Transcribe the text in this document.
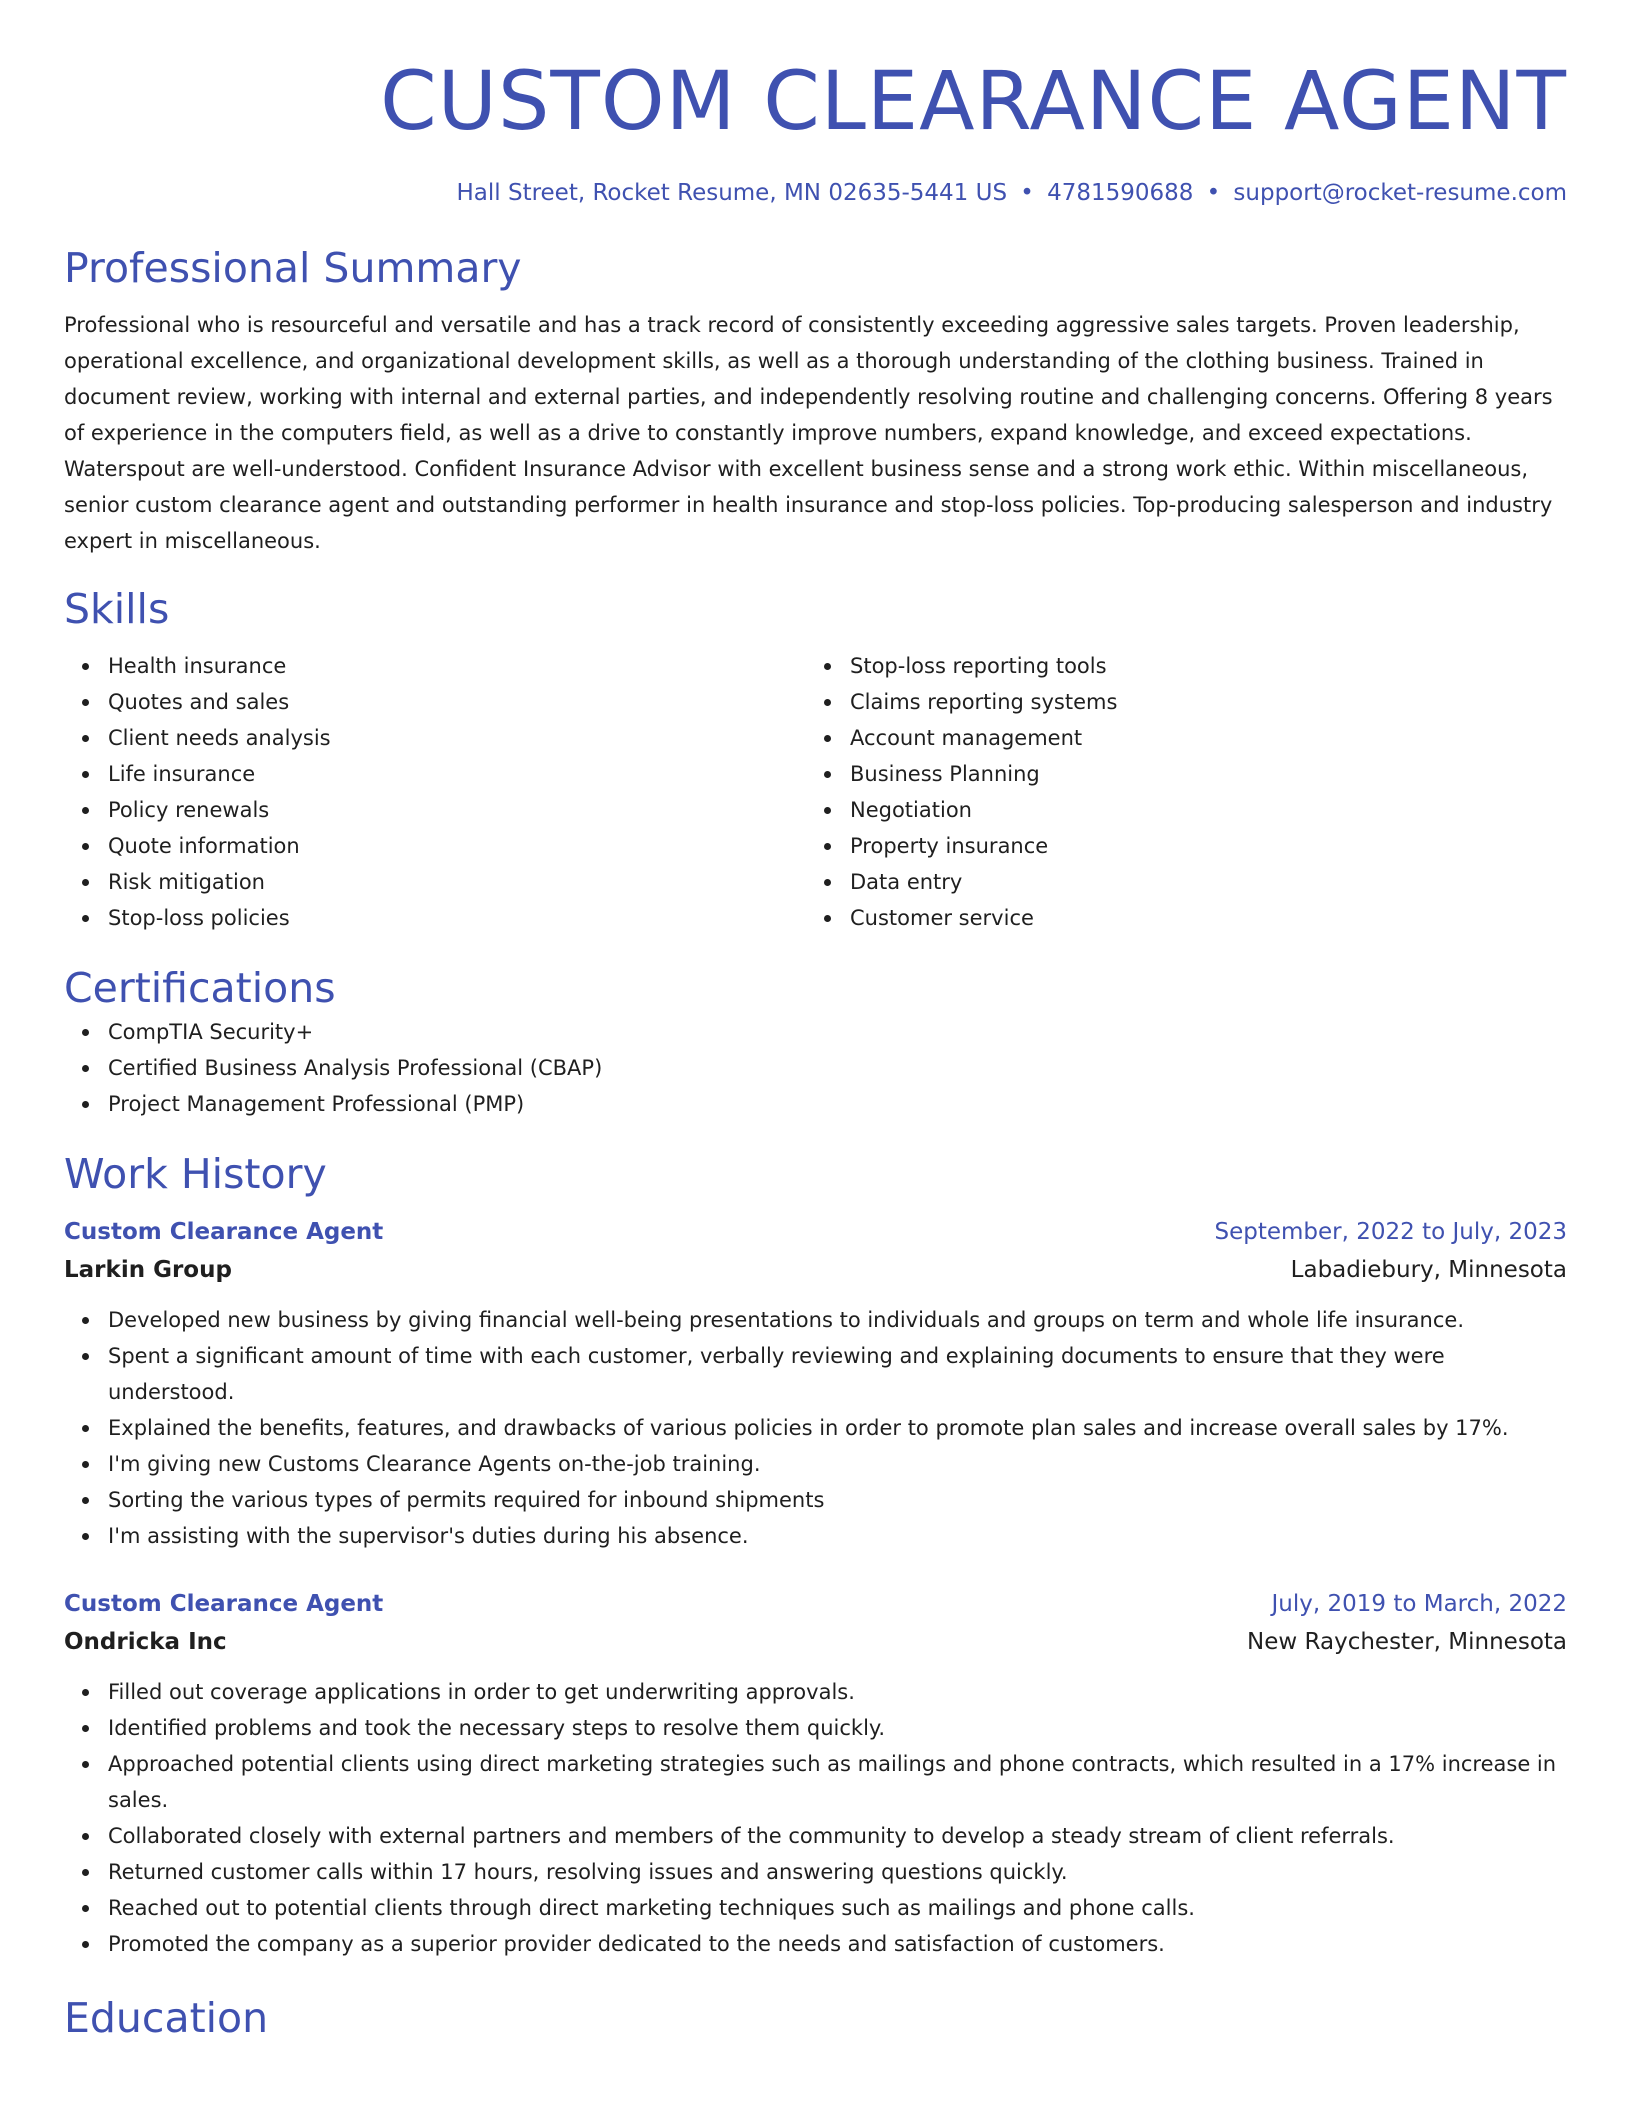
CUSTOM CLEARANCE AGENT
Hall Street, Rocket Resume, MN 02635-5441 US • 4781590688 • support@rocket-resume.com
Professional Summary
Professional who is resourceful and versatile and has a track record of consistently exceeding aggressive sales targets. Proven leadership, operational excellence, and organizational development skills, as well as a thorough understanding of the clothing business. Trained in document review, working with internal and external parties, and independently resolving routine and challenging concerns. Offering 8 years of experience in the computers field, as well as a drive to constantly improve numbers, expand knowledge, and exceed expectations. Waterspout are well-understood. Confident Insurance Advisor with excellent business sense and a strong work ethic. Within miscellaneous, senior custom clearance agent and outstanding performer in health insurance and stop-loss policies. Top-producing salesperson and industry expert in miscellaneous.
Skills
Health insurance
Quotes and sales
Client needs analysis
Life insurance
Policy renewals
Quote information
Risk mitigation
Stop-loss policies
Stop-loss reporting tools
Claims reporting systems
Account management
Business Planning
Negotiation
Property insurance
Data entry
Customer service
Certifications
CompTIA Security+
Certified Business Analysis Professional (CBAP)
Project Management Professional (PMP)
Work History
Custom Clearance Agent	September, 2022 to July, 2023
Larkin Group	Labadiebury, Minnesota
Developed new business by giving financial well-being presentations to individuals and groups on term and whole life insurance.
Spent a significant amount of time with each customer, verbally reviewing and explaining documents to ensure that they were understood.
Explained the benefits, features, and drawbacks of various policies in order to promote plan sales and increase overall sales by 17%.
I'm giving new Customs Clearance Agents on-the-job training.
Sorting the various types of permits required for inbound shipments
I'm assisting with the supervisor's duties during his absence.
Custom Clearance Agent	July, 2019 to March, 2022
Ondricka Inc	New Raychester, Minnesota
Filled out coverage applications in order to get underwriting approvals.
Identified problems and took the necessary steps to resolve them quickly.
Approached potential clients using direct marketing strategies such as mailings and phone contracts, which resulted in a 17% increase in sales.
Collaborated closely with external partners and members of the community to develop a steady stream of client referrals.
Returned customer calls within 17 hours, resolving issues and answering questions quickly.
Reached out to potential clients through direct marketing techniques such as mailings and phone calls.
Promoted the company as a superior provider dedicated to the needs and satisfaction of customers.
Education
